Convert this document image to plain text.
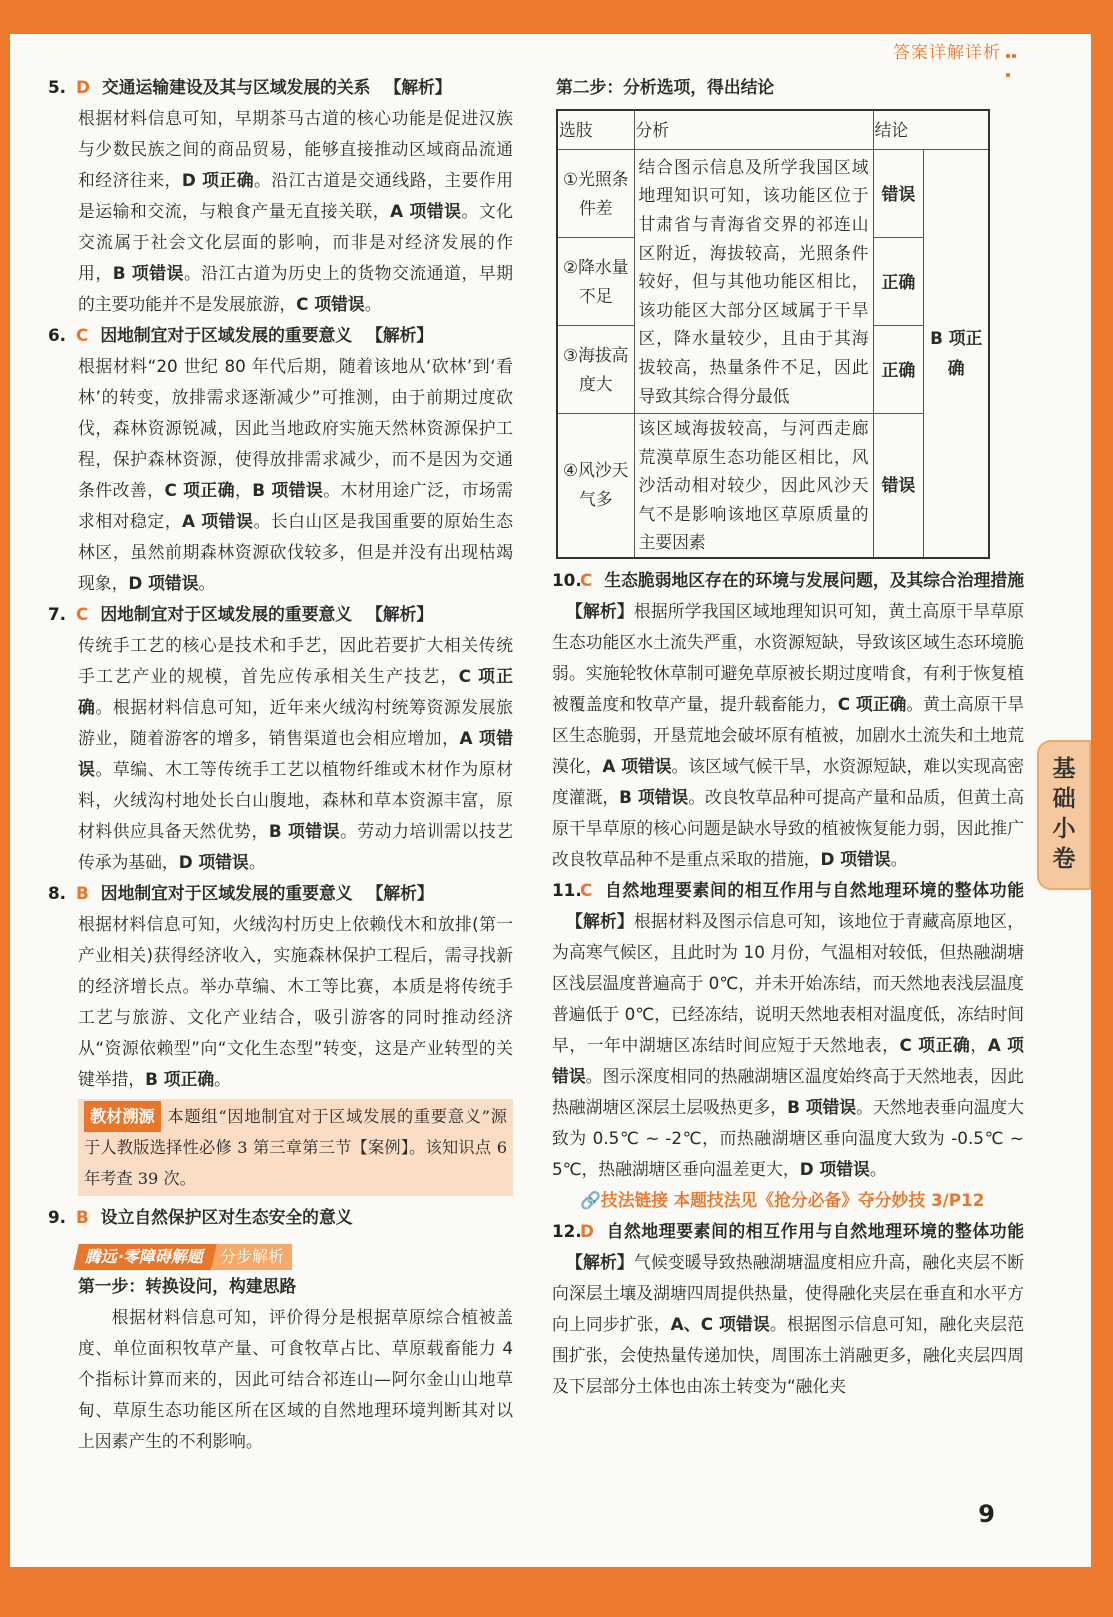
答案详解详析
基础小卷
5. D 交通运输建设及其与区域发展的关系 【解析】
根据材料信息可知，早期茶马古道的核心功能是促进汉族与少数民族之间的商品贸易，能够直接推动区域商品流通和经济往来，D 项正确。沿江古道是交通线路，主要作用是运输和交流，与粮食产量无直接关联，A 项错误。文化交流属于社会文化层面的影响，而非是对经济发展的作用，B 项错误。沿江古道为历史上的货物交流通道，早期的主要功能并不是发展旅游，C 项错误。
6. C 因地制宜对于区域发展的重要意义 【解析】
根据材料“20 世纪 80 年代后期，随着该地从‘砍林’到‘看林’的转变，放排需求逐渐减少”可推测，由于前期过度砍伐，森林资源锐减，因此当地政府实施天然林资源保护工程，保护森林资源，使得放排需求减少，而不是因为交通条件改善，C 项正确，B 项错误。木材用途广泛，市场需求相对稳定，A 项错误。长白山区是我国重要的原始生态林区，虽然前期森林资源砍伐较多，但是并没有出现枯竭现象，D 项错误。
7. C 因地制宜对于区域发展的重要意义 【解析】
传统手工艺的核心是技术和手艺，因此若要扩大相关传统手工艺产业的规模，首先应传承相关生产技艺，C 项正确。根据材料信息可知，近年来火绒沟村统筹资源发展旅游业，随着游客的增多，销售渠道也会相应增加，A 项错误。草编、木工等传统手工艺以植物纤维或木材作为原材料，火绒沟村地处长白山腹地，森林和草本资源丰富，原材料供应具备天然优势，B 项错误。劳动力培训需以技艺传承为基础，D 项错误。
8. B 因地制宜对于区域发展的重要意义 【解析】
根据材料信息可知，火绒沟村历史上依赖伐木和放排(第一产业相关)获得经济收入，实施森林保护工程后，需寻找新的经济增长点。举办草编、木工等比赛，本质是将传统手工艺与旅游、文化产业结合，吸引游客的同时推动经济从“资源依赖型”向“文化生态型”转变，这是产业转型的关键举措，B 项正确。
教材溯源 本题组“因地制宜对于区域发展的重要意义”源于人教版选择性必修 3 第三章第三节【案例】。该知识点 6 年考查 39 次。
9. B 设立自然保护区对生态安全的意义
腾远·零障碍解题 分步解析
第一步：转换设问，构建思路
根据材料信息可知，评价得分是根据草原综合植被盖度、单位面积牧草产量、可食牧草占比、草原载畜能力 4 个指标计算而来的，因此可结合祁连山—阿尔金山山地草甸、草原生态功能区所在区域的自然地理环境判断其对以上因素产生的不利影响。
第二步：分析选项，得出结论
选肢	分析	结论	
①光照条件差	结合图示信息及所学我国区域地理知识可知，该功能区位于甘肃省与青海省交界的祁连山区附近，海拔较高，光照条件较好，但与其他功能区相比，该功能区大部分区域属于干旱区，降水量较少，且由于其海拔较高，热量条件不足，因此导致其综合得分最低	错误	B 项正确
②降水量不足		正确	
③海拔高度大		正确	
④风沙天气多	该区域海拔较高，与河西走廊荒漠草原生态功能区相比，风沙活动相对较少，因此风沙天气不是影响该地区草原质量的主要因素	错误	
10.C 生态脆弱地区存在的环境与发展问题，及其综合治理措施【解析】根据所学我国区域地理知识可知，黄土高原干旱草原生态功能区水土流失严重，水资源短缺，导致该区域生态环境脆弱。实施轮牧休草制可避免草原被长期过度啃食，有利于恢复植被覆盖度和牧草产量，提升载畜能力，C 项正确。黄土高原干旱区生态脆弱，开垦荒地会破坏原有植被，加剧水土流失和土地荒漠化，A 项错误。该区域气候干旱，水资源短缺，难以实现高密度灌溉，B 项错误。改良牧草品种可提高产量和品质，但黄土高原干旱草原的核心问题是缺水导致的植被恢复能力弱，因此推广改良牧草品种不是重点采取的措施，D 项错误。
11.C 自然地理要素间的相互作用与自然地理环境的整体功能【解析】根据材料及图示信息可知，该地位于青藏高原地区，为高寒气候区，且此时为 10 月份，气温相对较低，但热融湖塘区浅层温度普遍高于 0℃，并未开始冻结，而天然地表浅层温度普遍低于 0℃，已经冻结，说明天然地表相对温度低，冻结时间早，一年中湖塘区冻结时间应短于天然地表，C 项正确，A 项错误。图示深度相同的热融湖塘区温度始终高于天然地表，因此热融湖塘区深层土层吸热更多，B 项错误。天然地表垂向温度大致为 0.5℃ ~ -2℃，而热融湖塘区垂向温度大致为 -0.5℃ ~ 5℃，热融湖塘区垂向温差更大，D 项错误。
🔗技法链接 本题技法见《抢分必备》夺分妙技 3/P12
12.D 自然地理要素间的相互作用与自然地理环境的整体功能【解析】气候变暖导致热融湖塘温度相应升高，融化夹层不断向深层土壤及湖塘四周提供热量，使得融化夹层在垂直和水平方向上同步扩张，A、C 项错误。根据图示信息可知，融化夹层范围扩张，会使热量传递加快，周围冻土消融更多，融化夹层四周及下层部分土体也由冻土转变为“融化夹
9
